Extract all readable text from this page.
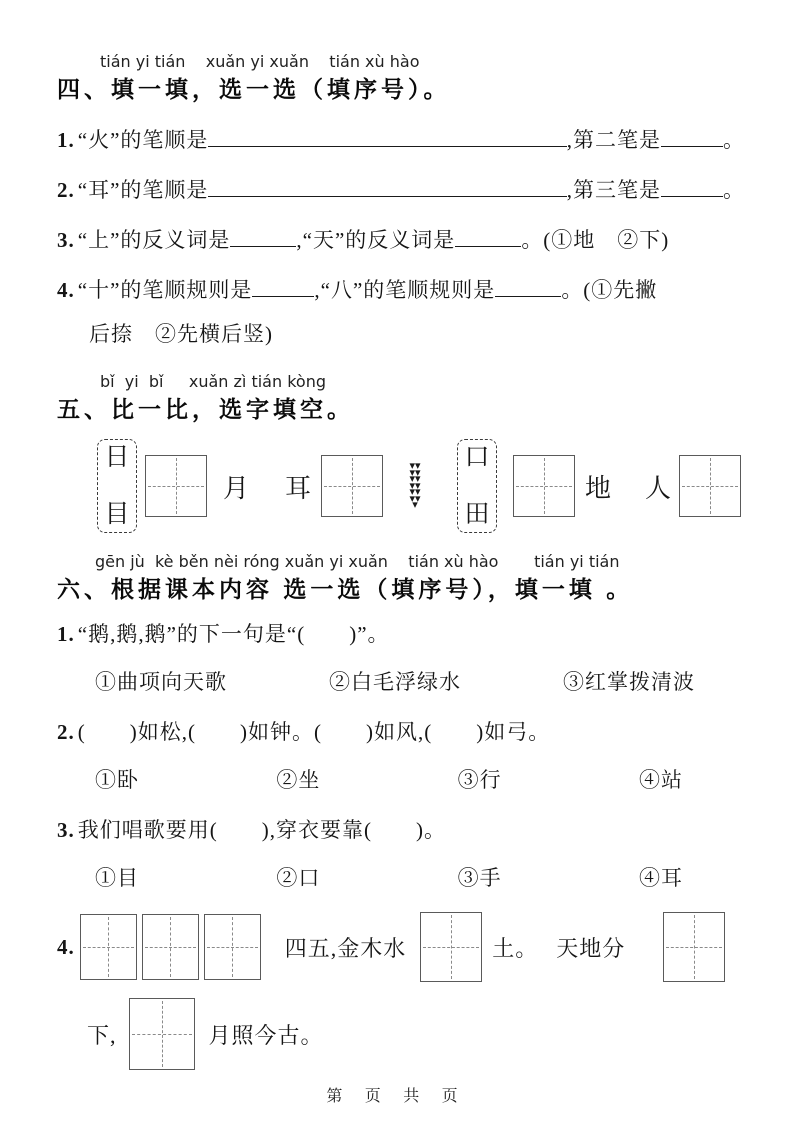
tián yi tián    xuǎn yi xuǎn    tián xù hào
四、填一填，选一选（填序号）。
1. “火”的笔顺是	,第二笔是	。
2. “耳”的笔顺是	,第三笔是	。
3. “上”的反义词是	,“天”的反义词是	。(①地　②下)
4. “十”的笔顺规则是	,“八”的笔顺规则是	。(①先撇
后捺　②先横后竖)
bǐ  yi  bǐ     xuǎn zì tián kòng
五、比一比，选字填空。
日
目
月 耳
▾▾▾▾▾▾▾▾▾▾▾▾▾
口
田
地 人
gēn jù  kè běn nèi róng xuǎn yi xuǎn    tián xù hào       tián yi tián
六、根据课本内容 选一选（填序号），填一填 。
1. “鹅,鹅,鹅”的下一句是“(　　)”。
①曲项向天歌	②白毛浮绿水	③红掌拨清波
2. (　　)如松,(　　)如钟。(　　)如风,(　　)如弓。
①卧	②坐	③行	④站
3. 我们唱歌要用(　　),穿衣要靠(　　)。
①目	②口	③手	④耳
4.	四五,金木水	土。 天地分
下,	月照今古。
第 页 共 页
